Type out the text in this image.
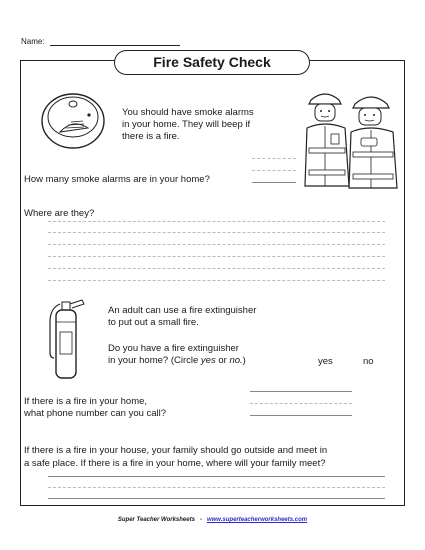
Name:
Fire Safety Check
You should have smoke alarms
in your home. They will beep if
there is a fire.
How many smoke alarms are in your home?
Where are they?
An adult can use a fire extinguisher
to put out a small fire.
Do you have a fire extinguisher
in your home? (Circle yes or no.)	yes	no
If there is a fire in your home,
what phone number can you call?
If there is a fire in your house, your family should go outside and meet in
a safe place. If there is a fire in your home, where will your family meet?
Super Teacher Worksheets - www.superteacherworksheets.com
